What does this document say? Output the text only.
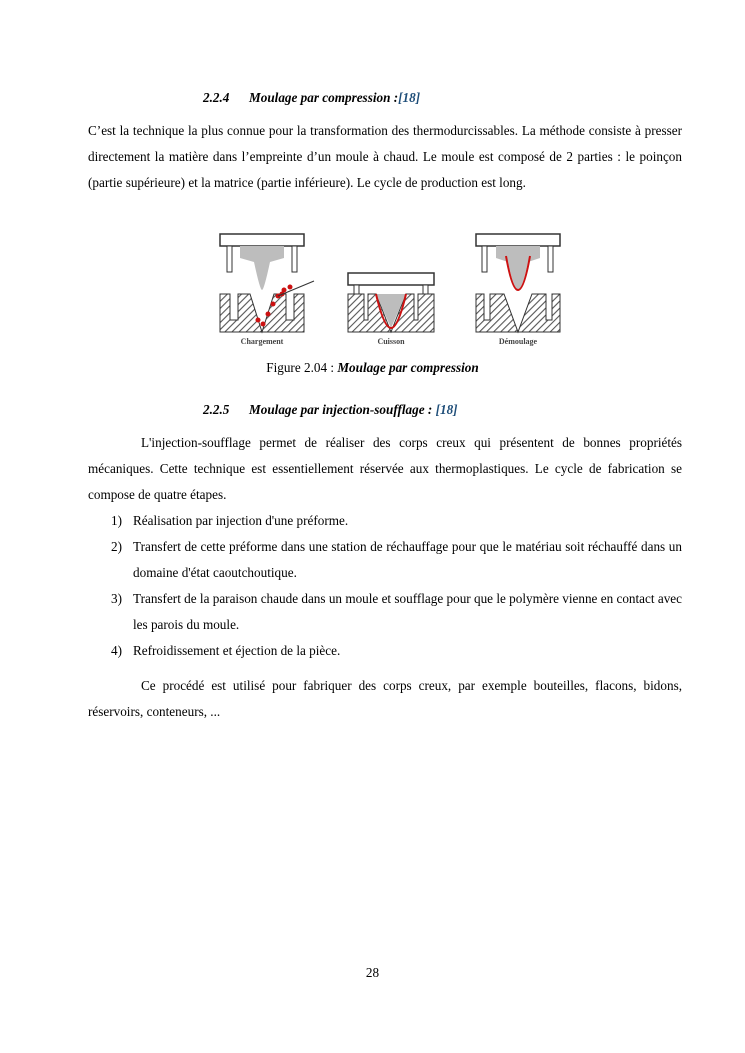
2.2.4 Moulage par compression :[18]

C’est la technique la plus connue pour la transformation des thermodurcissables. La méthode consiste à presser directement la matière dans l’empreinte d’un moule à chaud. Le moule est composé de 2 parties : le poinçon (partie supérieure) et la matrice (partie inférieure). Le cycle de production est long.

Chargement	Cuisson	Démoulage
Figure 2.04 : Moulage par compression
2.2.5 Moulage par injection-soufflage : [18]

L'injection-soufflage permet de réaliser des corps creux qui présentent de bonnes propriétés mécaniques. Cette technique est essentiellement réservée aux thermoplastiques. Le cycle de fabrication se compose de quatre étapes.

1) Réalisation par injection d'une préforme.
2) Transfert de cette préforme dans une station de réchauffage pour que le matériau soit réchauffé dans un domaine d'état caoutchoutique.
3) Transfert de la paraison chaude dans un moule et soufflage pour que le polymère vienne en contact avec les parois du moule.
4) Refroidissement et éjection de la pièce.

Ce procédé est utilisé pour fabriquer des corps creux, par exemple bouteilles, flacons, bidons, réservoirs, conteneurs, ...

28
